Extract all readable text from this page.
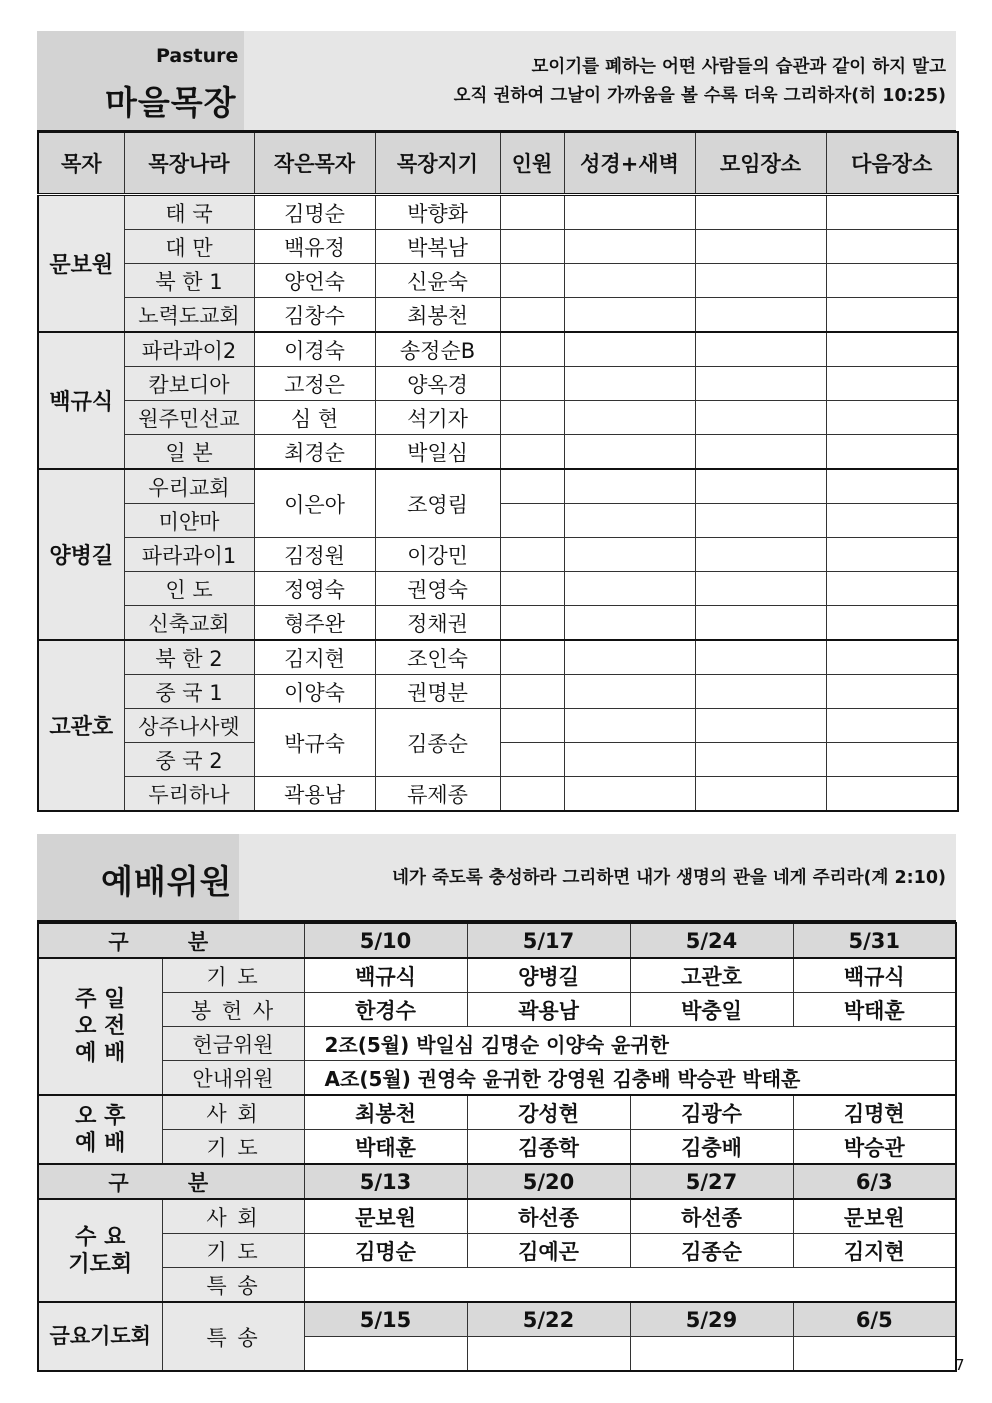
Pasture
마을목장
모이기를 폐하는 어떤 사람들의 습관과 같이 하지 말고
오직 권하여 그날이 가까움을 볼 수록 더욱 그리하자(히 10:25)
목자	목장나라	작은목자	목장지기	인원	성경+새벽	모임장소	다음장소
문보원	태 국	김명순	박향화				
	대 만	백유정	박복남				
	북 한 1	양언숙	신윤숙				
	노력도교회	김창수	최봉천				
백규식	파라과이2	이경숙	송정순B				
	캄보디아	고정은	양옥경				
	원주민선교	심 현	석기자				
	일 본	최경순	박일심				
양병길	우리교회	이은아	조영림				
	미얀마						
	파라과이1	김정원	이강민				
	인 도	정영숙	권영숙				
	신축교회	형주완	정채권				
고관호	북 한 2	김지현	조인숙				
	중 국 1	이양숙	권명분				
	상주나사렛	박규숙	김종순				
	중 국 2						
	두리하나	곽용남	류제종				
예배위원	네가 죽도록 충성하라 그리하면 내가 생명의 관을 네게 주리라(계 2:10)
구 분		5/10	5/17	5/24	5/31

주 일
오 전
예 배	기 도	백규식	양병길	고관호	백규식
	봉 헌 사	한경수	곽용남	박충일	박태훈
	헌금위원	2조(5월) 박일심 김명순 이양숙 윤귀한			
	안내위원	A조(5월) 권영숙 윤귀한 강영원 김충배 박승관 박태훈			

오 후
예 배	사 회	최봉천	강성현	김광수	김명현
	기 도	박태훈	김종학	김충배	박승관
구 분		5/13	5/20	5/27	6/3

수 요
기도회	사 회	문보원	하선종	하선종	문보원
	기 도	김명순	김예곤	김종순	김지현
	특 송				
금요기도회	특 송	5/15	5/22	5/29	6/5

7
